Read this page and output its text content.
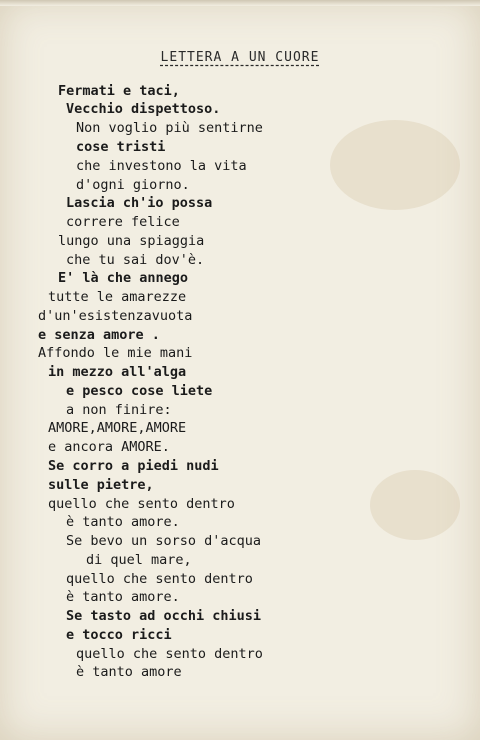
LETTERA A UN CUORE
Fermati e taci,
Vecchio dispettoso.
Non voglio più sentirne
cose tristi
che investono la vita
d'ogni giorno.
Lascia ch'io possa
correre felice
lungo una spiaggia
che tu sai dov'è.
E' là che annego
tutte le amarezze
d'un'esistenzavuota
e senza amore .
Affondo le mie mani
in mezzo all'alga
e pesco cose liete
a non finire:
AMORE,AMORE,AMORE
e ancora AMORE.
Se corro a piedi nudi
sulle pietre,
quello che sento dentro
è tanto amore.
Se bevo un sorso d'acqua
di quel mare,
quello che sento dentro
è tanto amore.
Se tasto ad occhi chiusi
e tocco ricci
quello che sento dentro
è tanto amore
